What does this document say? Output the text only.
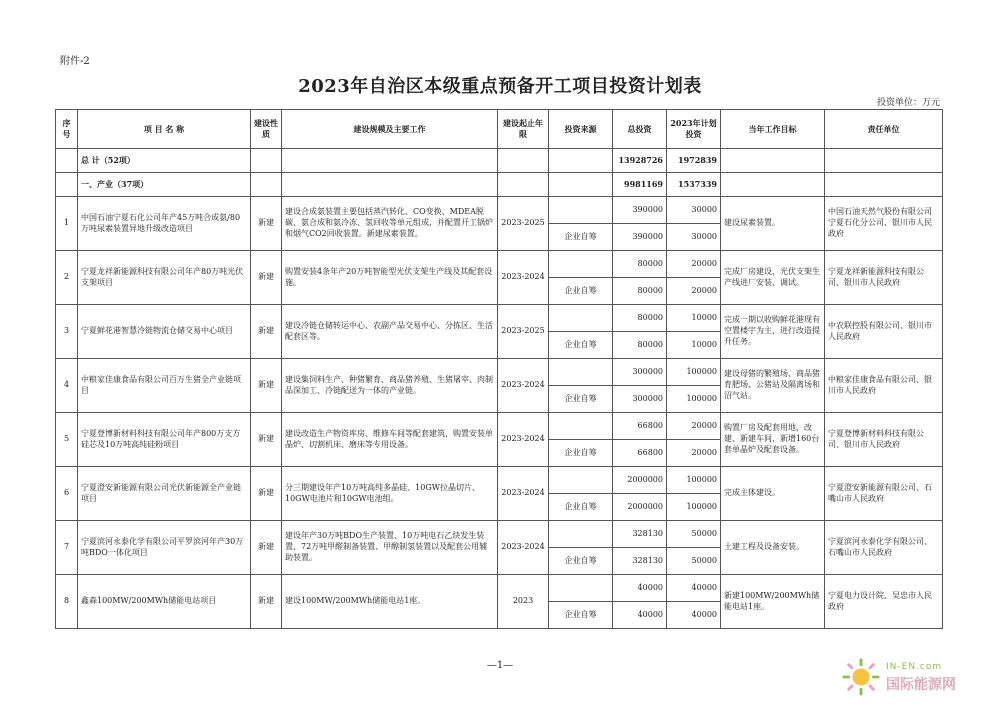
附件-2
2023年自治区本级重点预备开工项目投资计划表
投资单位：万元
序号	项 目 名 称	建设性质	建设规模及主要工作	建设起止年限	投资来源	总投资	2023年计划投资	当年工作目标	责任单位
	总 计（52项）					13928726	1972839		
	一、产业（37项）					9981169	1537339		
1	中国石油宁夏石化公司年产45万吨合成氨/80万吨尿素装置异地升级改造项目	新建	建设合成氨装置主要包括蒸汽转化、CO变换、MDEA脱碳、氨合成和氨冷冻、氢回收等单元组成，并配置开工锅炉和烟气CO2回收装置。新建尿素装置。	2023-2025		390000	30000	建设尿素装置。	中国石油天然气股份有限公司宁夏石化分公司、银川市人民政府
					企业自筹	390000	30000		
2	宁夏龙祥新能源科技有限公司年产80万吨光伏支架项目	新建	购置安装4条年产20万吨智能型光伏支架生产线及其配套设施。	2023-2024		80000	20000	完成厂房建设，光伏支架生产线进厂安装、调试。	宁夏龙祥新能源科技有限公司、银川市人民政府
					企业自筹	80000	20000		
3	宁夏鲜花港智慧冷链物流仓储交易中心项目	新建	建设冷链仓储转运中心、农副产品交易中心、分拣区、生活配套区等。	2023-2025		80000	10000	完成一期以收购鲜花港现有空置楼宇为主，进行改造提升任务。	中农联控股有限公司、银川市人民政府
					企业自筹	80000	10000		
4	中粮家佳康食品有限公司百万生猪全产业链项目	新建	建设集饲料生产、种猪繁育、商品猪养殖、生猪屠宰、肉制品深加工、冷链配送为一体的产业链。	2023-2024		300000	100000	建设母猪的繁殖场、商品猪育肥场、公猪站及隔离场和沼气站。	中粮家佳康食品有限公司、银川市人民政府
					企业自筹	300000	100000		
5	宁夏登博新材料科技有限公司年产800万支方硅芯及10万吨高纯硅粉项目	新建	建设改造生产物资库房、维修车间等配套建筑，购置安装单晶炉、切割机床、磨床等专用设备。	2023-2024		66800	20000	购置厂房及配套用地，改建、新建车间，新增160台套单晶炉及配套设备。	宁夏登博新材料科技有限公司、银川市人民政府
					企业自筹	66800	20000		
6	宁夏澄安新能源有限公司光伏新能源全产业链项目	新建	分三期建设年产10万吨高纯多晶硅、10GW拉晶切片、10GW电池片和10GW电池组。	2023-2024		2000000	100000	完成主体建设。	宁夏澄安新能源有限公司、石嘴山市人民政府
					企业自筹	2000000	100000		
7	宁夏滨河永泰化学有限公司平罗滨河年产30万吨BDO一体化项目	新建	建设年产30万吨BDO生产装置、10万吨电石乙炔发生装置、72万吨甲醛制备装置、甲醇制氢装置以及配套公用辅助装置。	2023-2024		328130	50000	土建工程及设备安装。	宁夏滨河永泰化学有限公司、石嘴山市人民政府
					企业自筹	328130	50000		
8	鑫森100MW/200MWh储能电站项目	新建	建设100MW/200MWh储能电站1座。	2023		40000	40000	新建100MW/200MWh储能电站1座。	宁夏电力设计院、吴忠市人民政府
					企业自筹	40000	40000		
—1—	IN-EN.com
国际能源网
